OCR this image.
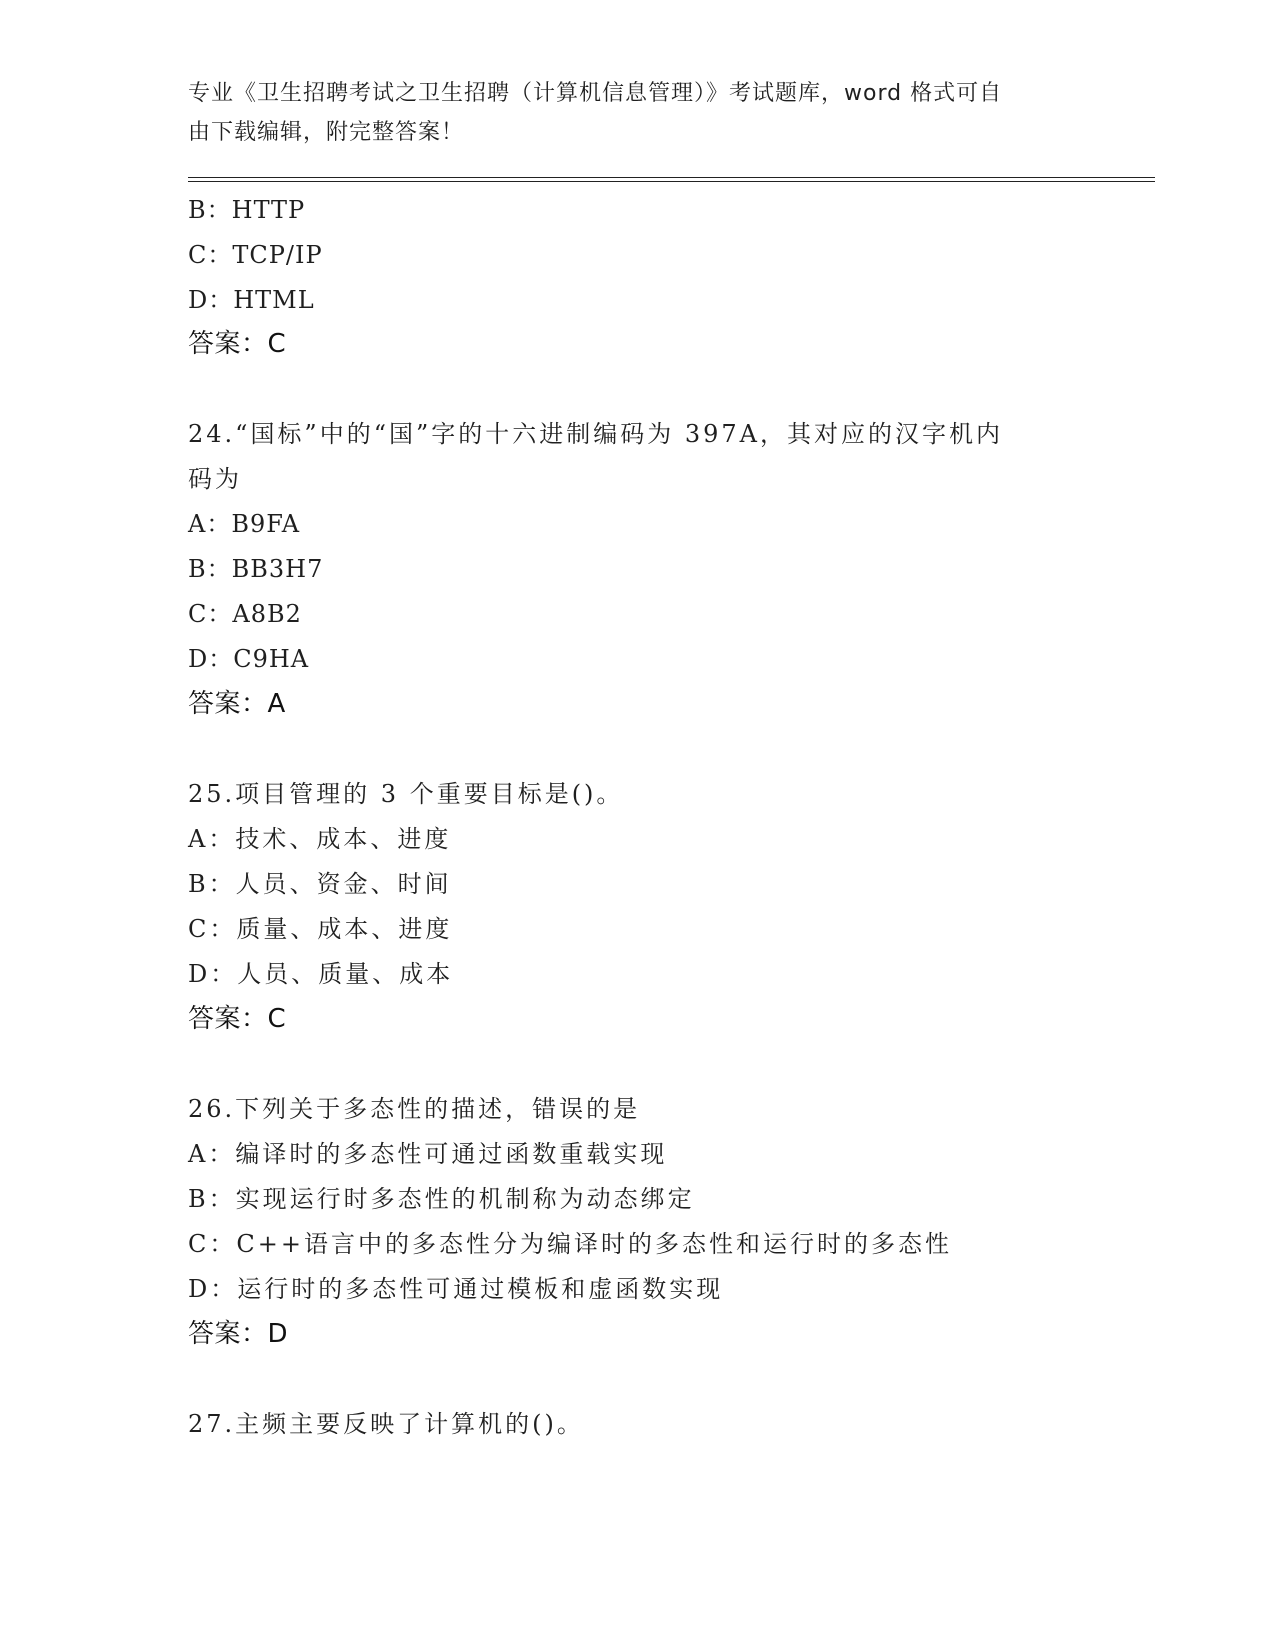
专业《卫生招聘考试之卫生招聘（计算机信息管理）》考试题库，word 格式可自
由下载编辑，附完整答案！
B：HTTP
C：TCP/IP
D：HTML
答案：C
24.“国标”中的“国”字的十六进制编码为 397A，其对应的汉字机内
码为
A：B9FA
B：BB3H7
C：A8B2
D：C9HA
答案：A
25.项目管理的 3 个重要目标是()。
A：技术、成本、进度
B：人员、资金、时间
C：质量、成本、进度
D：人员、质量、成本
答案：C
26.下列关于多态性的描述，错误的是
A：编译时的多态性可通过函数重载实现
B：实现运行时多态性的机制称为动态绑定
C：C++语言中的多态性分为编译时的多态性和运行时的多态性
D：运行时的多态性可通过模板和虚函数实现
答案：D
27.主频主要反映了计算机的()。
